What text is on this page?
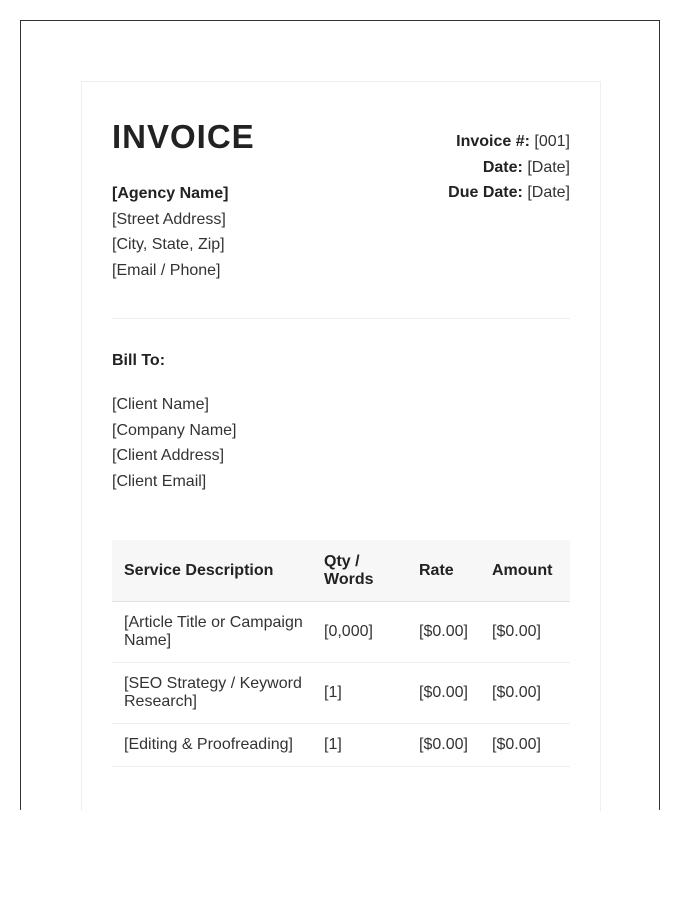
INVOICE
[Agency Name]
[Street Address]
[City, State, Zip]
[Email / Phone]
Invoice #: [001]
Date: [Date]
Due Date: [Date]
Bill To:
[Client Name]
[Company Name]
[Client Address]
[Client Email]
Service Description	Qty / Words	Rate	Amount
[Article Title or Campaign Name]	[0,000]	[$0.00]	[$0.00]
[SEO Strategy / Keyword Research]	[1]	[$0.00]	[$0.00]
[Editing & Proofreading]	[1]	[$0.00]	[$0.00]
